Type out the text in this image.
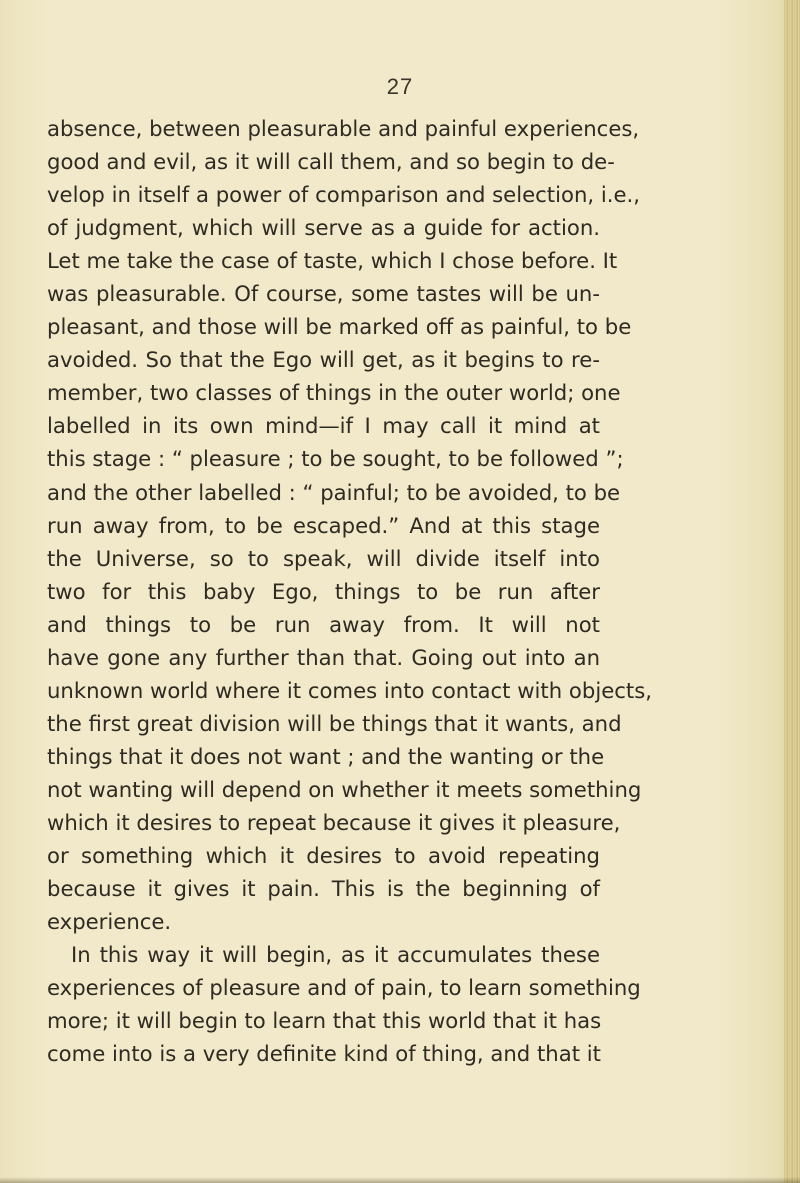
27
absence, between pleasurable and painful experiences,
good and evil, as it will call them, and so begin to de-
velop in itself a power of comparison and selection, i.e.,
of judgment, which will serve as a guide for action.
Let me take the case of taste, which I chose before. It
was pleasurable. Of course, some tastes will be un-
pleasant, and those will be marked off as painful, to be
avoided. So that the Ego will get, as it begins to re-
member, two classes of things in the outer world; one
labelled in its own mind—if I may call it mind at
this stage : “ pleasure ; to be sought, to be followed ”;
and the other labelled : “ painful; to be avoided, to be
run away from, to be escaped.” And at this stage
the Universe, so to speak, will divide itself into
two for this baby Ego, things to be run after
and things to be run away from. It will not
have gone any further than that. Going out into an
unknown world where it comes into contact with objects,
the first great division will be things that it wants, and
things that it does not want ; and the wanting or the
not wanting will depend on whether it meets something
which it desires to repeat because it gives it pleasure,
or something which it desires to avoid repeating
because it gives it pain. This is the beginning of
experience.
In this way it will begin, as it accumulates these
experiences of pleasure and of pain, to learn something
more; it will begin to learn that this world that it has
come into is a very definite kind of thing, and that it
